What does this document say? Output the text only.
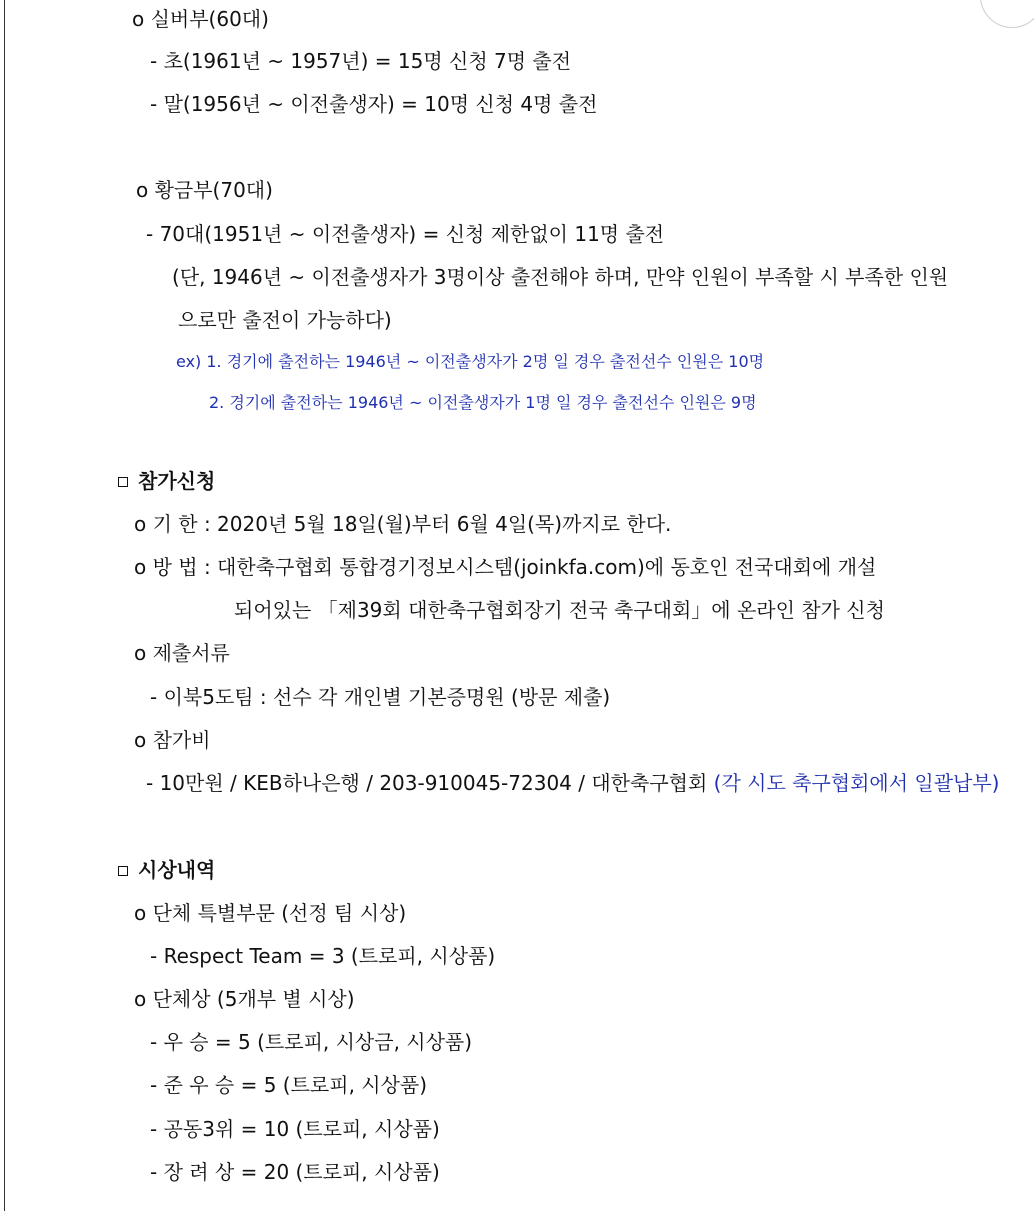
o 실버부(60대)
- 초(1961년 ~ 1957년) = 15명 신청 7명 출전
- 말(1956년 ~ 이전출생자) = 10명 신청 4명 출전
o 황금부(70대)
- 70대(1951년 ~ 이전출생자) = 신청 제한없이 11명 출전
(단, 1946년 ~ 이전출생자가 3명이상 출전해야 하며, 만약 인원이 부족할 시 부족한 인원
으로만 출전이 가능하다)
ex) 1. 경기에 출전하는 1946년 ~ 이전출생자가 2명 일 경우 출전선수 인원은 10명
2. 경기에 출전하는 1946년 ~ 이전출생자가 1명 일 경우 출전선수 인원은 9명
참가신청
o 기 한 : 2020년 5월 18일(월)부터 6월 4일(목)까지로 한다.
o 방 법 : 대한축구협회 통합경기정보시스템(joinkfa.com)에 동호인 전국대회에 개설
되어있는 「제39회 대한축구협회장기 전국 축구대회」에 온라인 참가 신청
o 제출서류
- 이북5도팀 : 선수 각 개인별 기본증명원 (방문 제출)
o 참가비
- 10만원 / KEB하나은행 / 203-910045-72304 / 대한축구협회 (각 시도 축구협회에서 일괄납부)
시상내역
o 단체 특별부문 (선정 팀 시상)
- Respect Team = 3 (트로피, 시상품)
o 단체상 (5개부 별 시상)
- 우 승 = 5 (트로피, 시상금, 시상품)
- 준 우 승 = 5 (트로피, 시상품)
- 공동3위 = 10 (트로피, 시상품)
- 장 려 상 = 20 (트로피, 시상품)
